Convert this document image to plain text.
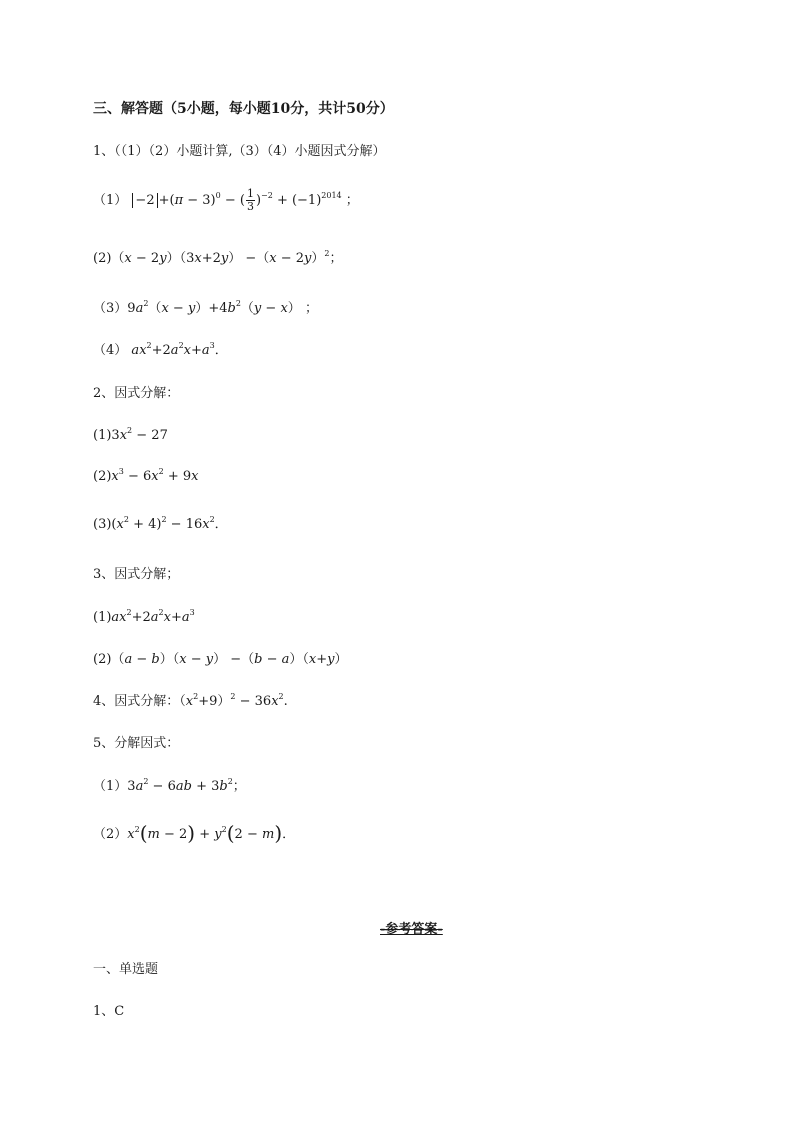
三、解答题（5小题，每小题10分，共计50分）
1、（（1）（2）小题计算,（3）（4）小题因式分解）
$(1) -2 +(\pi - 3)^0$ − ( $\frac{1}{3} )^{-2} + (-1)^{2014}$ ；
$(2)(x - 2y)(3x+2y) -(x - 2y)^2$；
$(3)9a^2(x - y)+4b^2(y - x)$ ；
（4） $ax^2+2a^2x+a^3$．
2、因式分解：
$(1)3x^2 - 27$
$(2)x^3 - 6x^2 + 9x$
$(3)(x^2 + 4)^2 - 16x^2$．
3、因式分解；
$(1)ax^2+2a^2x+a^3$
(2)（a − b）（x − y） −（b − a）（x+y）
4、因式分解：$(x^2+9)^2 - 36x^2$.
5、分解因式：
$(1)3a^2 - 6ab + 3b^2$；
$(2)x^2(m - 2) + y^2(2 - m)$．
-参考答案-
一、单选题
1、C
